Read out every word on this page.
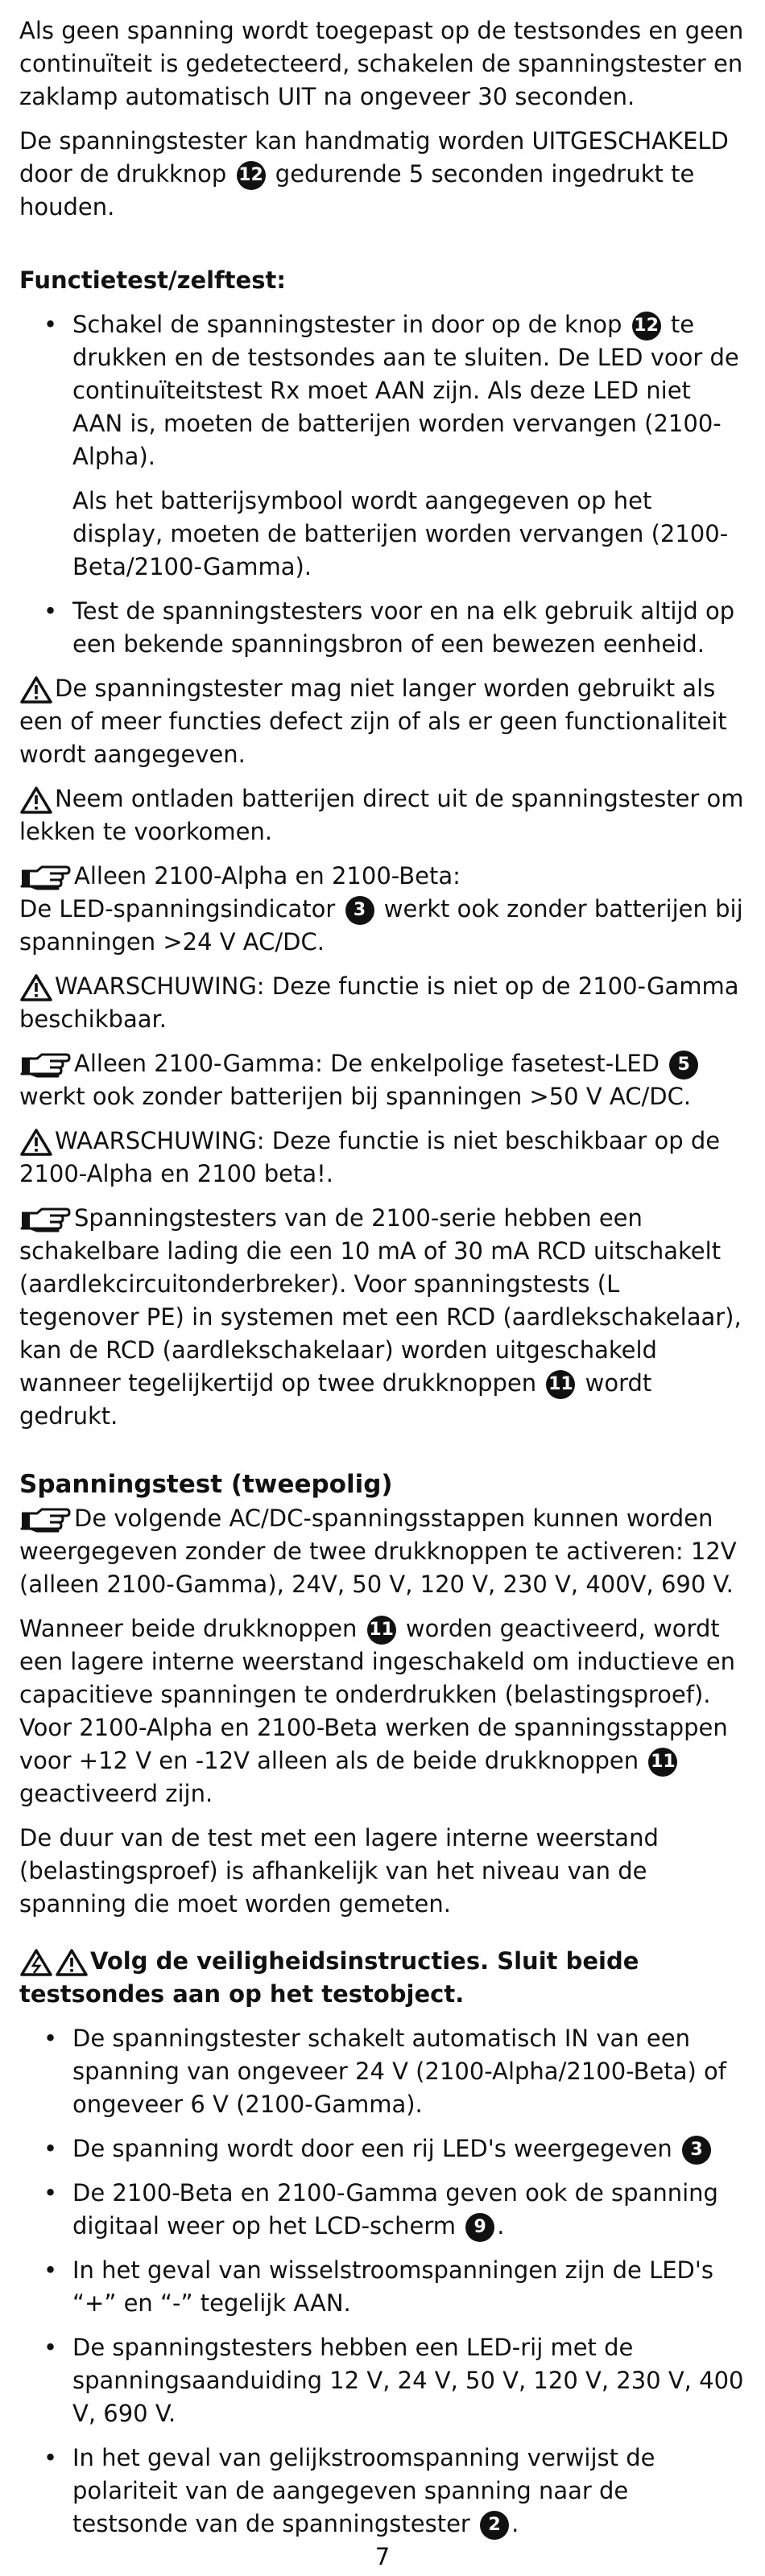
Als geen spanning wordt toegepast op de testsondes en geen continuïteit is gedetecteerd, schakelen de spanningstester en zaklamp automatisch UIT na ongeveer 30 seconden.

De spanningstester kan handmatig worden UITGESCHAKELD door de drukknop 12 gedurende 5 seconden ingedrukt te houden.

Functietest/zelftest:

• Schakel de spanningstester in door op de knop 12 te drukken en de testsondes aan te sluiten. De LED voor de continuïteitstest Rx moet AAN zijn. Als deze LED niet AAN is, moeten de batterijen worden vervangen (2100-Alpha).

Als het batterijsymbool wordt aangegeven op het display, moeten de batterijen worden vervangen (2100-Beta/2100-Gamma).

• Test de spanningstesters voor en na elk gebruik altijd op een bekende spanningsbron of een bewezen eenheid.

De spanningstester mag niet langer worden gebruikt als een of meer functies defect zijn of als er geen functionaliteit wordt aangegeven.

Neem ontladen batterijen direct uit de spanningstester om lekken te voorkomen.

Alleen 2100-Alpha en 2100-Beta:
De LED-spanningsindicator 3 werkt ook zonder batterijen bij spanningen >24 V AC/DC.

WAARSCHUWING: Deze functie is niet op de 2100-Gamma beschikbaar.

Alleen 2100-Gamma: De enkelpolige fasetest-LED 5 werkt ook zonder batterijen bij spanningen >50 V AC/DC.

WAARSCHUWING: Deze functie is niet beschikbaar op de 2100-Alpha en 2100 beta!.

Spanningstesters van de 2100-serie hebben een schakelbare lading die een 10 mA of 30 mA RCD uitschakelt (aardlekcircuitonderbreker). Voor spanningstests (L tegenover PE) in systemen met een RCD (aardlekschakelaar), kan de RCD (aardlekschakelaar) worden uitgeschakeld wanneer tegelijkertijd op twee drukknoppen 11 wordt gedrukt.

Spanningstest (tweepolig)

De volgende AC/DC-spanningsstappen kunnen worden weergegeven zonder de twee drukknoppen te activeren: 12V (alleen 2100-Gamma), 24V, 50 V, 120 V, 230 V, 400V, 690 V.

Wanneer beide drukknoppen 11 worden geactiveerd, wordt een lagere interne weerstand ingeschakeld om inductieve en capacitieve spanningen te onderdrukken (belastingsproef). Voor 2100-Alpha en 2100-Beta werken de spanningsstappen voor +12 V en -12V alleen als de beide drukknoppen 11 geactiveerd zijn.

De duur van de test met een lagere interne weerstand (belastingsproef) is afhankelijk van het niveau van de spanning die moet worden gemeten.

Volg de veiligheidsinstructies. Sluit beide testsondes aan op het testobject.

• De spanningstester schakelt automatisch IN van een spanning van ongeveer 24 V (2100-Alpha/2100-Beta) of ongeveer 6 V (2100-Gamma).

• De spanning wordt door een rij LED's weergegeven 3

• De 2100-Beta en 2100-Gamma geven ook de spanning digitaal weer op het LCD-scherm 9 .

• In het geval van wisselstroomspanningen zijn de LED's “+” en “-” tegelijk AAN.

• De spanningstesters hebben een LED-rij met de spanningsaanduiding 12 V, 24 V, 50 V, 120 V, 230 V, 400 V, 690 V.

• In het geval van gelijkstroomspanning verwijst de polariteit van de aangegeven spanning naar de testsonde van de spanningstester 2 .

7
